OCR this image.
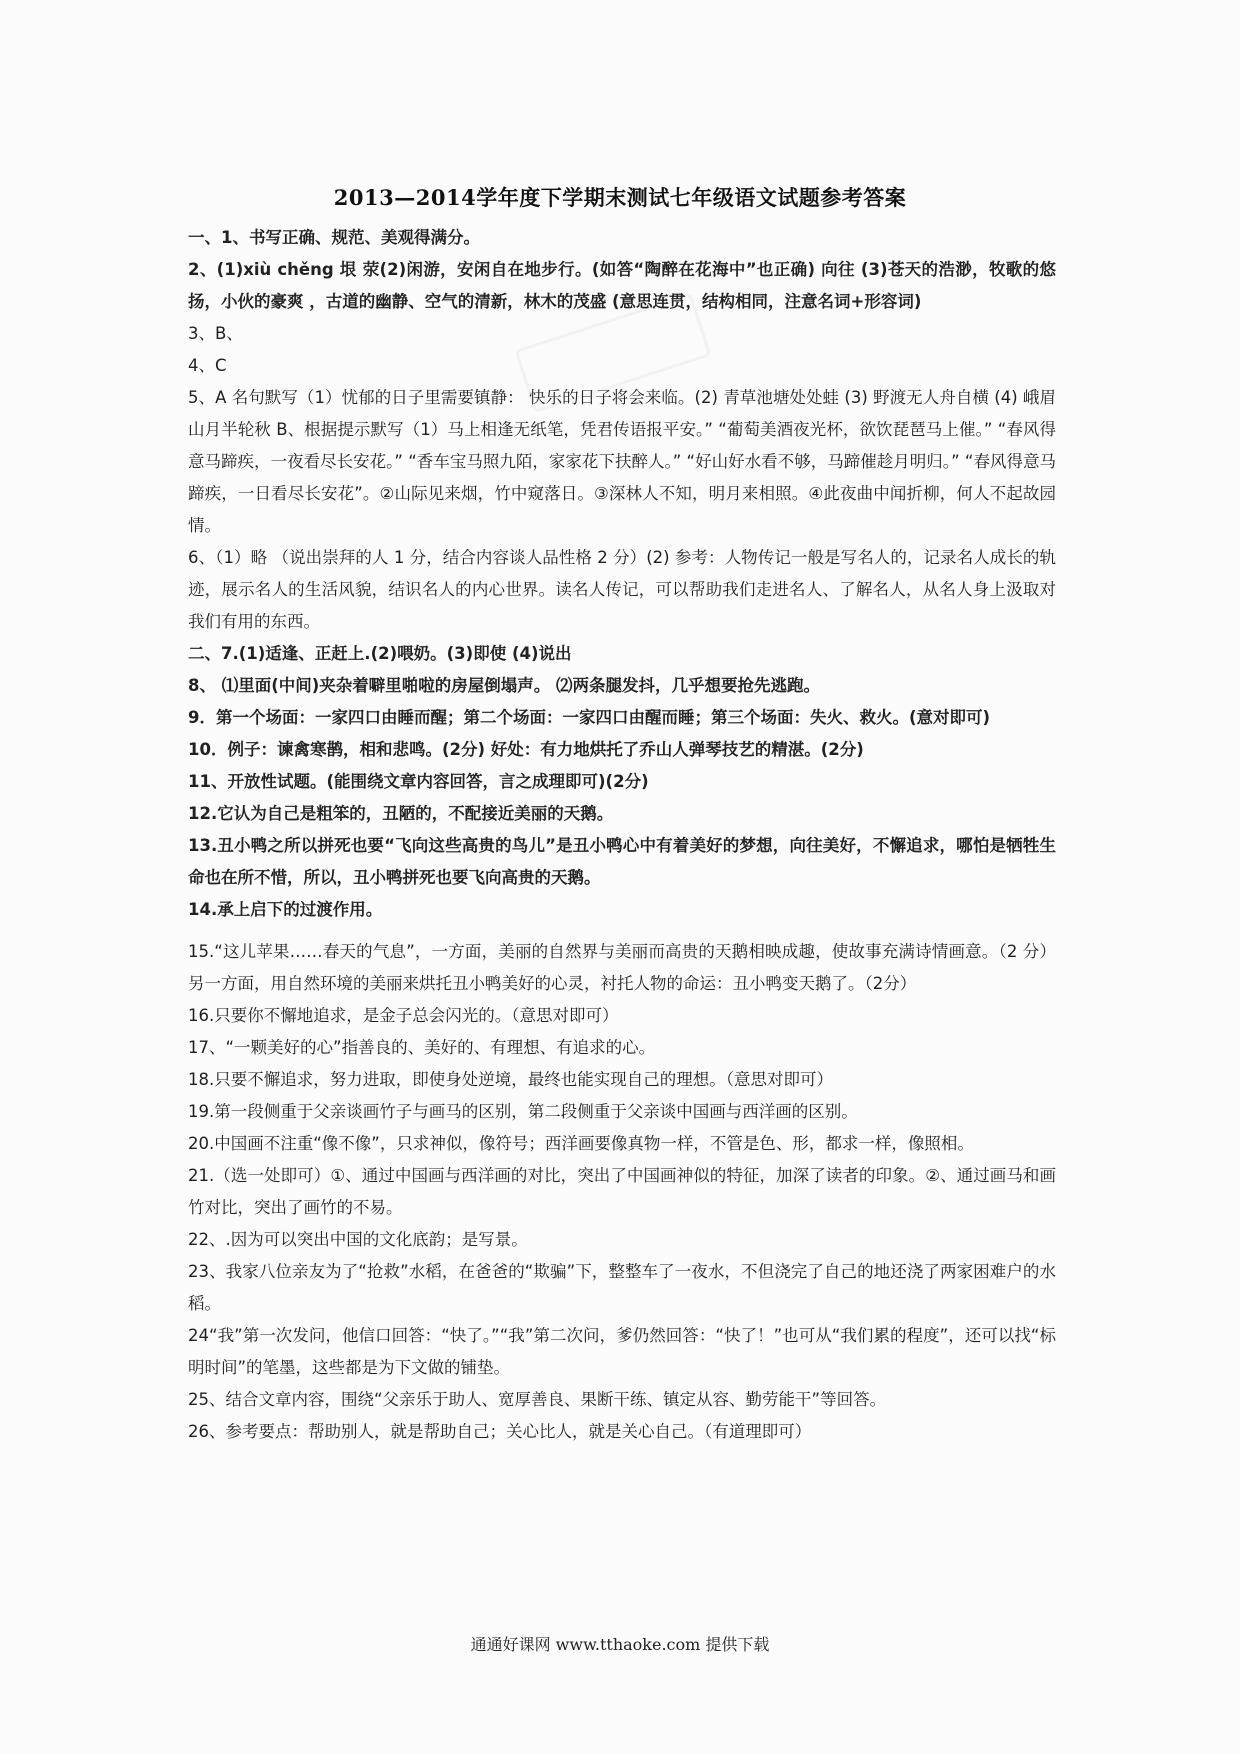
2013—2014学年度下学期末测试七年级语文试题参考答案

一、1、书写正确、规范、美观得满分。

2、(1)xiù chěng 垠 荥(2)闲游，安闲自在地步行。(如答“陶醉在花海中”也正确) 向往 (3)苍天的浩渺，牧歌的悠扬，小伙的豪爽 ，古道的幽静、空气的清新，林木的茂盛 (意思连贯，结构相同，注意名词+形容词)

3、B、

4、C

5、A 名句默写（1）忧郁的日子里需要镇静： 快乐的日子将会来临。(2) 青草池塘处处蛙 (3) 野渡无人舟自横 (4) 峨眉山月半轮秋 B、根据提示默写（1）马上相逢无纸笔，凭君传语报平安。” “葡萄美酒夜光杯，欲饮琵琶马上催。” “春风得意马蹄疾，一夜看尽长安花。” “香车宝马照九陌，家家花下扶醉人。” “好山好水看不够，马蹄催趁月明归。” “春风得意马蹄疾，一日看尽长安花”。②山际见来烟，竹中窥落日。③深林人不知，明月来相照。④此夜曲中闻折柳，何人不起故园情。

6、（1）略 （说出崇拜的人 1 分，结合内容谈人品性格 2 分）(2) 参考：人物传记一般是写名人的，记录名人成长的轨迹，展示名人的生活风貌，结识名人的内心世界。读名人传记，可以帮助我们走进名人、了解名人，从名人身上汲取对我们有用的东西。

二、7.(1)适逢、正赶上.(2)喂奶。(3)即使 (4)说出

8、 ⑴里面(中间)夹杂着噼里啪啦的房屋倒塌声。 ⑵两条腿发抖，几乎想要抢先逃跑。

9．第一个场面：一家四口由睡而醒；第二个场面：一家四口由醒而睡；第三个场面：失火、救火。(意对即可)

10．例子：谏禽寒鹊，相和悲鸣。(2分) 好处：有力地烘托了乔山人弹琴技艺的精湛。(2分)

11、开放性试题。(能围绕文章内容回答，言之成理即可)(2分)

12.它认为自己是粗笨的，丑陋的，不配接近美丽的天鹅。

13.丑小鸭之所以拼死也要“飞向这些高贵的鸟儿”是丑小鸭心中有着美好的梦想，向往美好，不懈追求，哪怕是牺牲生命也在所不惜，所以，丑小鸭拼死也要飞向高贵的天鹅。

14.承上启下的过渡作用。

15.“这儿苹果……春天的气息”，一方面，美丽的自然界与美丽而高贵的天鹅相映成趣，使故事充满诗情画意。（2 分）另一方面，用自然环境的美丽来烘托丑小鸭美好的心灵，衬托人物的命运：丑小鸭变天鹅了。（2分）

16.只要你不懈地追求，是金子总会闪光的。（意思对即可）

17、“一颗美好的心”指善良的、美好的、有理想、有追求的心。

18.只要不懈追求，努力进取，即使身处逆境，最终也能实现自己的理想。（意思对即可）

19.第一段侧重于父亲谈画竹子与画马的区别，第二段侧重于父亲谈中国画与西洋画的区别。

20.中国画不注重“像不像”，只求神似，像符号；西洋画要像真物一样，不管是色、形，都求一样，像照相。

21.（选一处即可）①、通过中国画与西洋画的对比，突出了中国画神似的特征，加深了读者的印象。②、通过画马和画竹对比，突出了画竹的不易。

22、.因为可以突出中国的文化底韵；是写景。

23、我家八位亲友为了“抢救”水稻，在爸爸的“欺骗”下，整整车了一夜水，不但浇完了自己的地还浇了两家困难户的水稻。

24“我”第一次发问，他信口回答：“快了。”“我”第二次问，爹仍然回答：“快了！”也可从“我们累的程度”，还可以找“标明时间”的笔墨，这些都是为下文做的铺垫。

25、结合文章内容，围绕“父亲乐于助人、宽厚善良、果断干练、镇定从容、勤劳能干”等回答。

26、参考要点：帮助别人，就是帮助自己；关心比人，就是关心自己。（有道理即可）

通通好课网 www.tthaoke.com 提供下载
